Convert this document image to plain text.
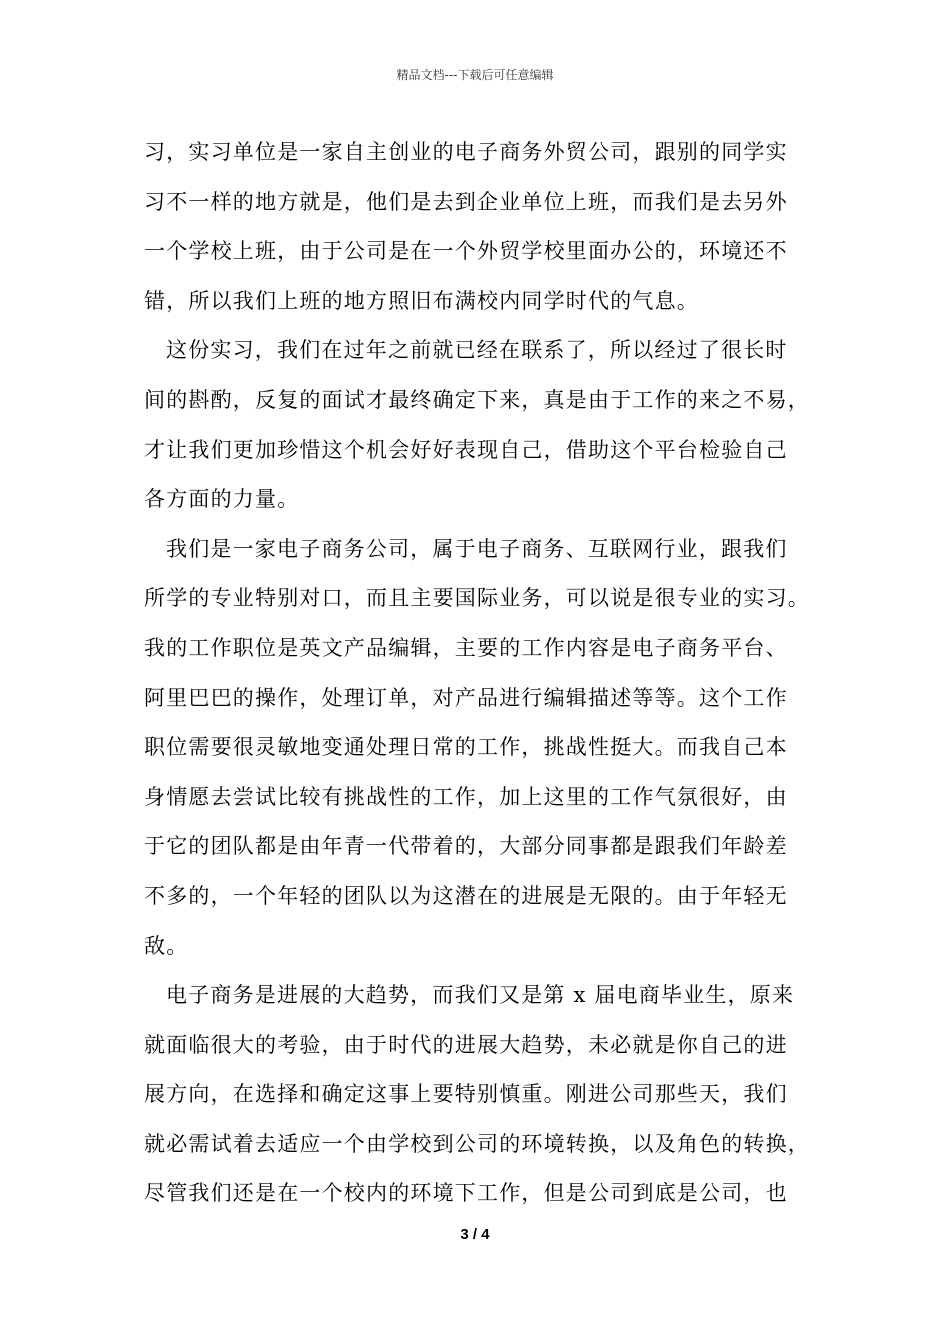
精品文档---下载后可任意编辑

习，实习单位是一家自主创业的电子商务外贸公司，跟别的同学实
习不一样的地方就是，他们是去到企业单位上班，而我们是去另外
一个学校上班，由于公司是在一个外贸学校里面办公的，环境还不
错，所以我们上班的地方照旧布满校内同学时代的气息。

这份实习，我们在过年之前就已经在联系了，所以经过了很长时
间的斟酌，反复的面试才最终确定下来，真是由于工作的来之不易，
才让我们更加珍惜这个机会好好表现自己，借助这个平台检验自己
各方面的力量。

我们是一家电子商务公司，属于电子商务、互联网行业，跟我们
所学的专业特别对口，而且主要国际业务，可以说是很专业的实习。
我的工作职位是英文产品编辑，主要的工作内容是电子商务平台、
阿里巴巴的操作，处理订单，对产品进行编辑描述等等。这个工作
职位需要很灵敏地变通处理日常的工作，挑战性挺大。而我自己本
身情愿去尝试比较有挑战性的工作，加上这里的工作气氛很好，由
于它的团队都是由年青一代带着的，大部分同事都是跟我们年龄差
不多的，一个年轻的团队以为这潜在的进展是无限的。由于年轻无
敌。

电子商务是进展的大趋势，而我们又是第 x 届电商毕业生，原来
就面临很大的考验，由于时代的进展大趋势，未必就是你自己的进
展方向，在选择和确定这事上要特别慎重。刚进公司那些天，我们
就必需试着去适应一个由学校到公司的环境转换，以及角色的转换，
尽管我们还是在一个校内的环境下工作，但是公司到底是公司，也

3 / 4
